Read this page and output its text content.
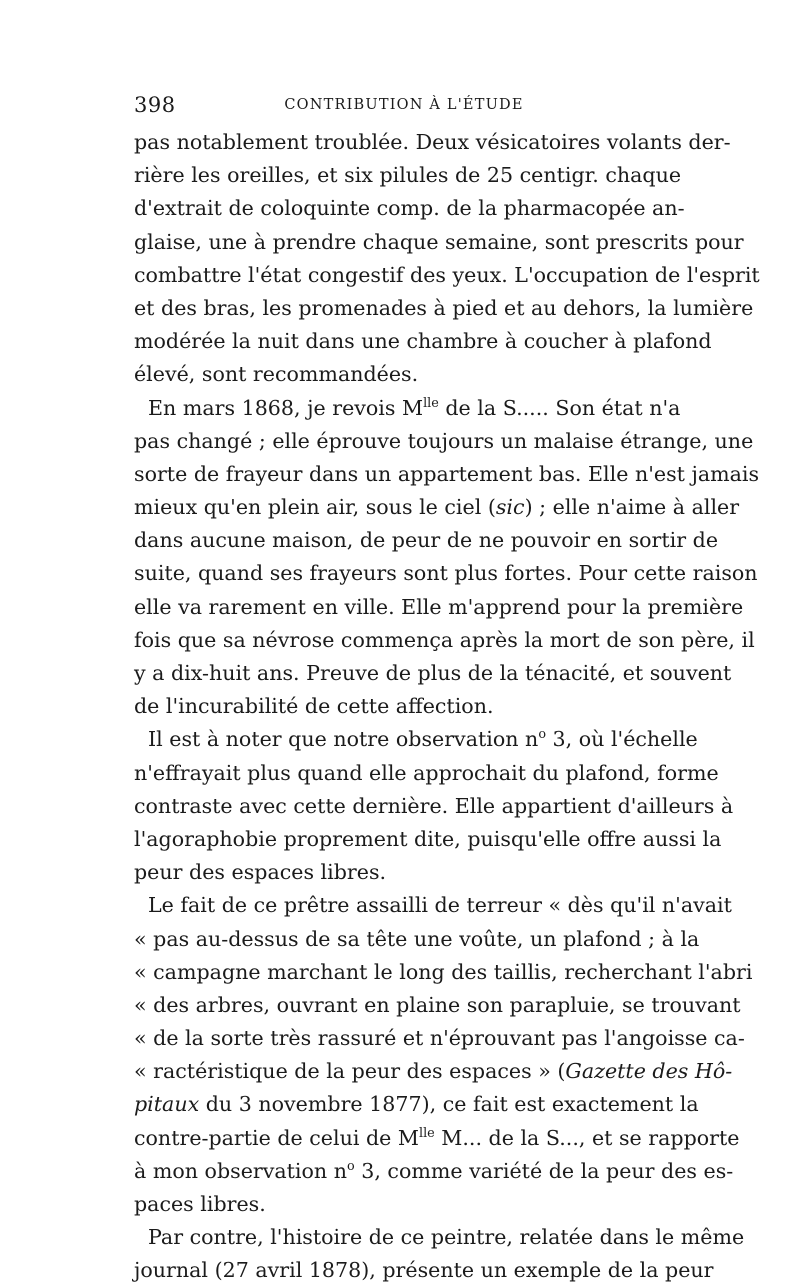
398	CONTRIBUTION À L'ÉTUDE
pas notablement troublée. Deux vésicatoires volants der-
rière les oreilles, et six pilules de 25 centigr. chaque
d'extrait de coloquinte comp. de la pharmacopée an-
glaise, une à prendre chaque semaine, sont prescrits pour
combattre l'état congestif des yeux. L'occupation de l'esprit
et des bras, les promenades à pied et au dehors, la lumière
modérée la nuit dans une chambre à coucher à plafond
élevé, sont recommandées.
En mars 1868, je revois $M^{lle}$ de la S..... Son état n'a
pas changé ; elle éprouve toujours un malaise étrange, une
sorte de frayeur dans un appartement bas. Elle n'est jamais
mieux qu'en plein air, sous le ciel (sic) ; elle n'aime à aller
dans aucune maison, de peur de ne pouvoir en sortir de
suite, quand ses frayeurs sont plus fortes. Pour cette raison
elle va rarement en ville. Elle m'apprend pour la première
fois que sa névrose commença après la mort de son père, il
y a dix-huit ans. Preuve de plus de la ténacité, et souvent
de l'incurabilité de cette affection.
Il est à noter que notre observation $n^o$ 3, où l'échelle
n'effrayait plus quand elle approchait du plafond, forme
contraste avec cette dernière. Elle appartient d'ailleurs à
l'agoraphobie proprement dite, puisqu'elle offre aussi la
peur des espaces libres.
Le fait de ce prêtre assailli de terreur « dès qu'il n'avait
« pas au-dessus de sa tête une voûte, un plafond ; à la
« campagne marchant le long des taillis, recherchant l'abri
« des arbres, ouvrant en plaine son parapluie, se trouvant
« de la sorte très rassuré et n'éprouvant pas l'angoisse ca-
« ractéristique de la peur des espaces » (Gazette des Hô-
pitaux du 3 novembre 1877), ce fait est exactement la
contre-partie de celui de $M^{lle}$ M... de la S..., et se rapporte
à mon observation $n^o$ 3, comme variété de la peur des es-
paces libres.
Par contre, l'histoire de ce peintre, relatée dans le même
journal (27 avril 1878), présente un exemple de la peur
